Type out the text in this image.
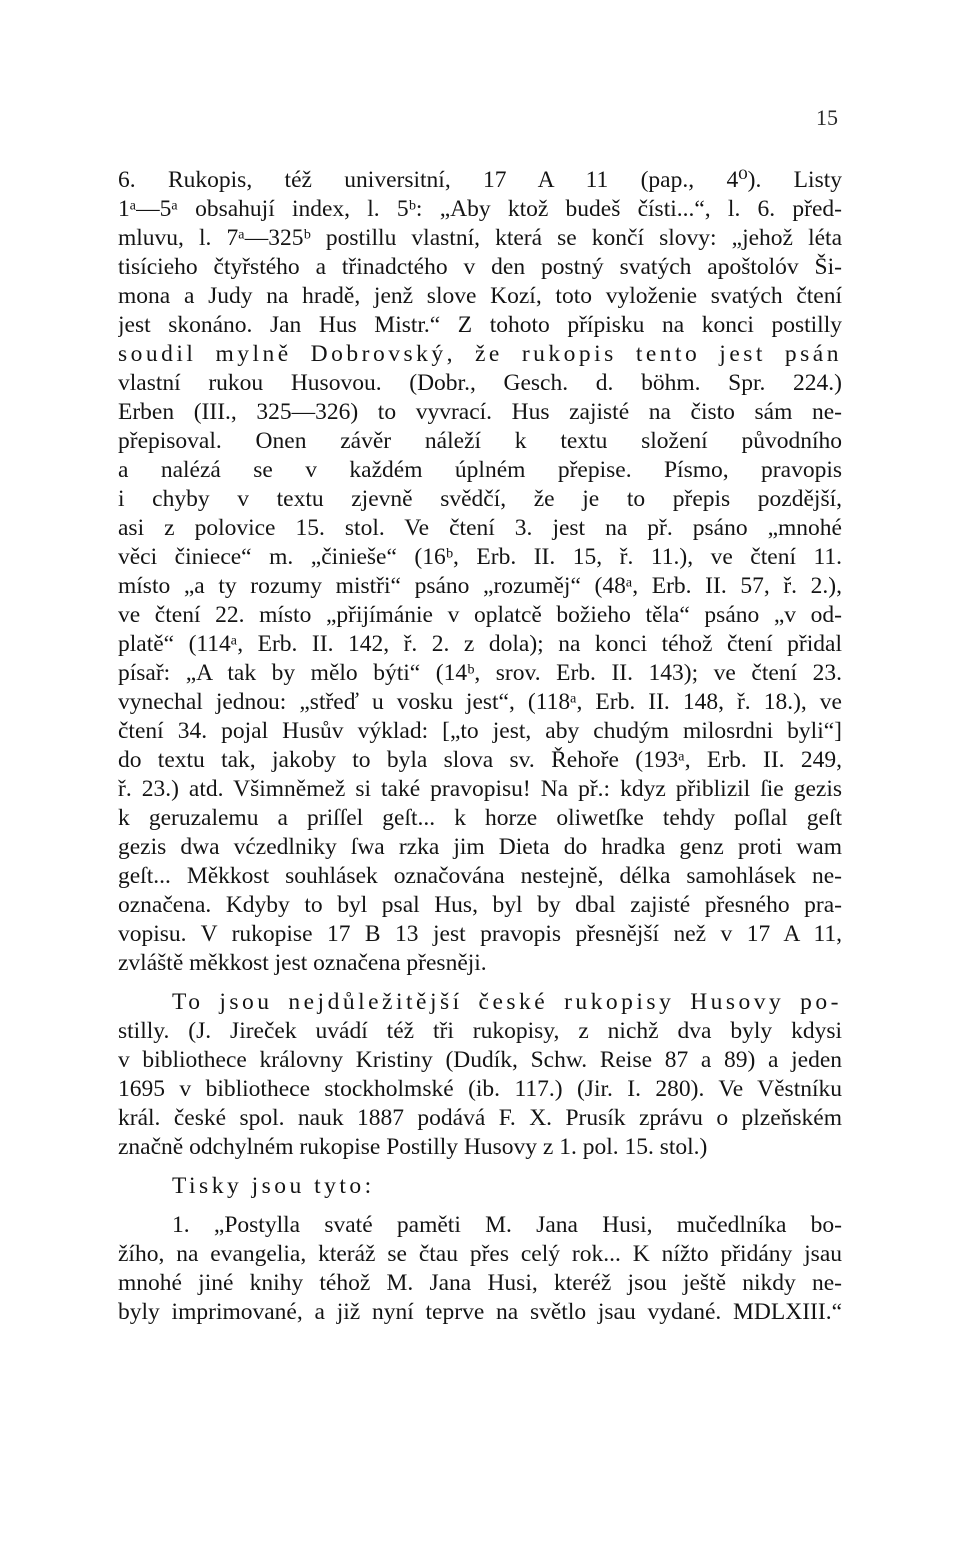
15
6. Rukopis, též universitní, 17 A 11 (pap., 4⁰). Listy
1ᵃ—5ᵃ obsahují index, l. 5ᵇ: „Aby ktož budeš čísti...“, l. 6. před-
mluvu, l. 7ᵃ—325ᵇ postillu vlastní, která se končí slovy: „jehož léta
tisícieho čtyřstého a třinadctého v den postný svatých apoštolóv Ši-
mona a Judy na hradě, jenž slove Kozí, toto vyloženie svatých čtení
jest skonáno. Jan Hus Mistr.“ Z tohoto přípisku na konci postilly
soudil mylně Dobrovský, že rukopis tento jest psán
vlastní rukou Husovou. (Dobr., Gesch. d. böhm. Spr. 224.)
Erben (III., 325—326) to vyvrací. Hus zajisté na čisto sám ne-
přepisoval. Onen závěr náleží k textu složení původního
a nalézá se v každém úplném přepise. Písmo, pravopis
i chyby v textu zjevně svědčí, že je to přepis pozdější,
asi z polovice 15. stol. Ve čtení 3. jest na př. psáno „mnohé
věci činiece“ m. „činieše“ (16ᵇ, Erb. II. 15, ř. 11.), ve čtení 11.
místo „a ty rozumy mistři“ psáno „rozuměj“ (48ᵃ, Erb. II. 57, ř. 2.),
ve čtení 22. místo „přijímánie v oplatcě božieho těla“ psáno „v od-
platě“ (114ᵃ, Erb. II. 142, ř. 2. z dola); na konci téhož čtení přidal
písař: „A tak by mělo býti“ (14ᵇ, srov. Erb. II. 143); ve čtení 23.
vynechal jednou: „střeď u vosku jest“, (118ᵃ, Erb. II. 148, ř. 18.), ve
čtení 34. pojal Husův výklad: [„to jest, aby chudým milosrdni byli“]
do textu tak, jakoby to byla slova sv. Řehoře (193ᵃ, Erb. II. 249,
ř. 23.) atd. Všimněmež si také pravopisu! Na př.: kdyz přiblizil ſie gezis
k geruzalemu a priſſel geſt... k horze oliwetſke tehdy poſlal geſt
gezis dwa vćzedlniky ſwa rzka jim Dieta do hradka genz proti wam
geſt... Měkkost souhlásek označována nestejně, délka samohlásek ne-
označena. Kdyby to byl psal Hus, byl by dbal zajisté přesného pra-
vopisu. V rukopise 17 B 13 jest pravopis přesnější než v 17 A 11,
zvláště měkkost jest označena přesněji.
To jsou nejdůležitější české rukopisy Husovy po-
stilly. (J. Jireček uvádí též tři rukopisy, z nichž dva byly kdysi
v bibliothece královny Kristiny (Dudík, Schw. Reise 87 a 89) a jeden
1695 v bibliothece stockholmské (ib. 117.) (Jir. I. 280). Ve Věstníku
král. české spol. nauk 1887 podává F. X. Prusík zprávu o plzeňském
značně odchylném rukopise Postilly Husovy z 1. pol. 15. stol.)
Tisky jsou tyto:
1. „Postylla svaté paměti M. Jana Husi, mučedlníka bo-
žího, na evangelia, kteráž se čtau přes celý rok... K nížto přidány jsau
mnohé jiné knihy téhož M. Jana Husi, kteréž jsou ještě nikdy ne-
byly imprimované, a již nyní teprve na světlo jsau vydané. MDLXIII.“
